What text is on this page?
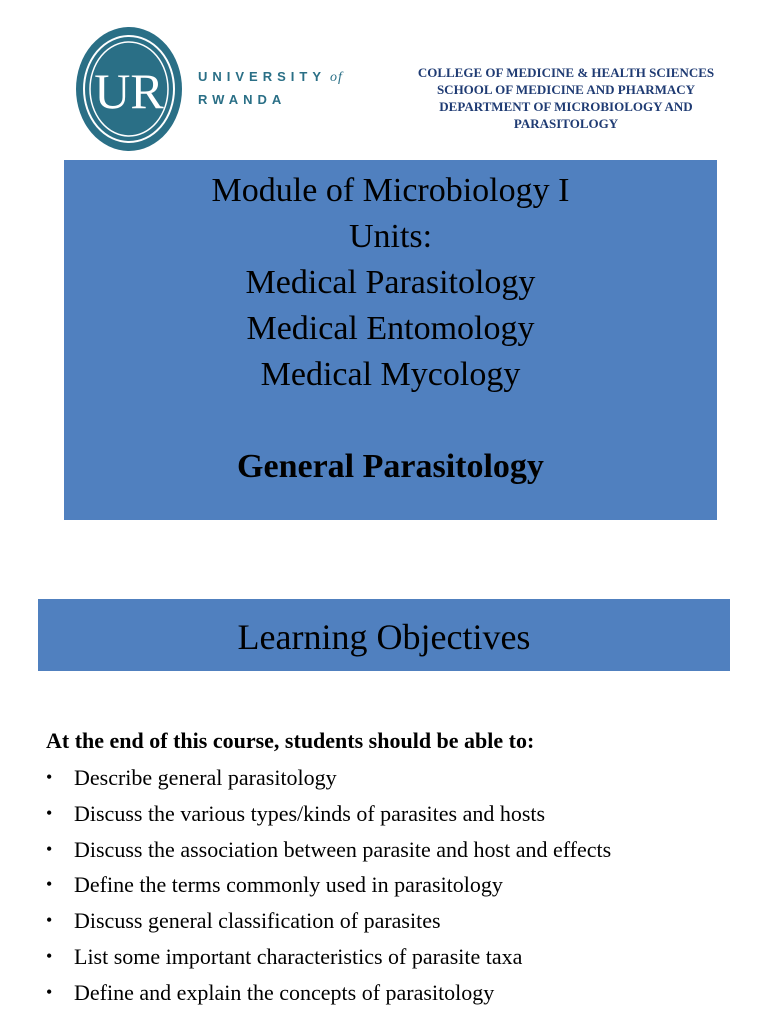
UR	UNIVERSITY of
RWANDA
COLLEGE OF MEDICINE & HEALTH SCIENCES
SCHOOL OF MEDICINE AND PHARMACY
DEPARTMENT OF MICROBIOLOGY AND
PARASITOLOGY
Module of Microbiology I
Units:
Medical Parasitology
Medical Entomology
Medical Mycology
General Parasitology
Learning Objectives
At the end of this course, students should be able to:
• Describe general parasitology
• Discuss the various types/kinds of parasites and hosts
• Discuss the association between parasite and host and effects
• Define the terms commonly used in parasitology
• Discuss general classification of parasites
• List some important characteristics of parasite taxa
• Define and explain the concepts of parasitology
